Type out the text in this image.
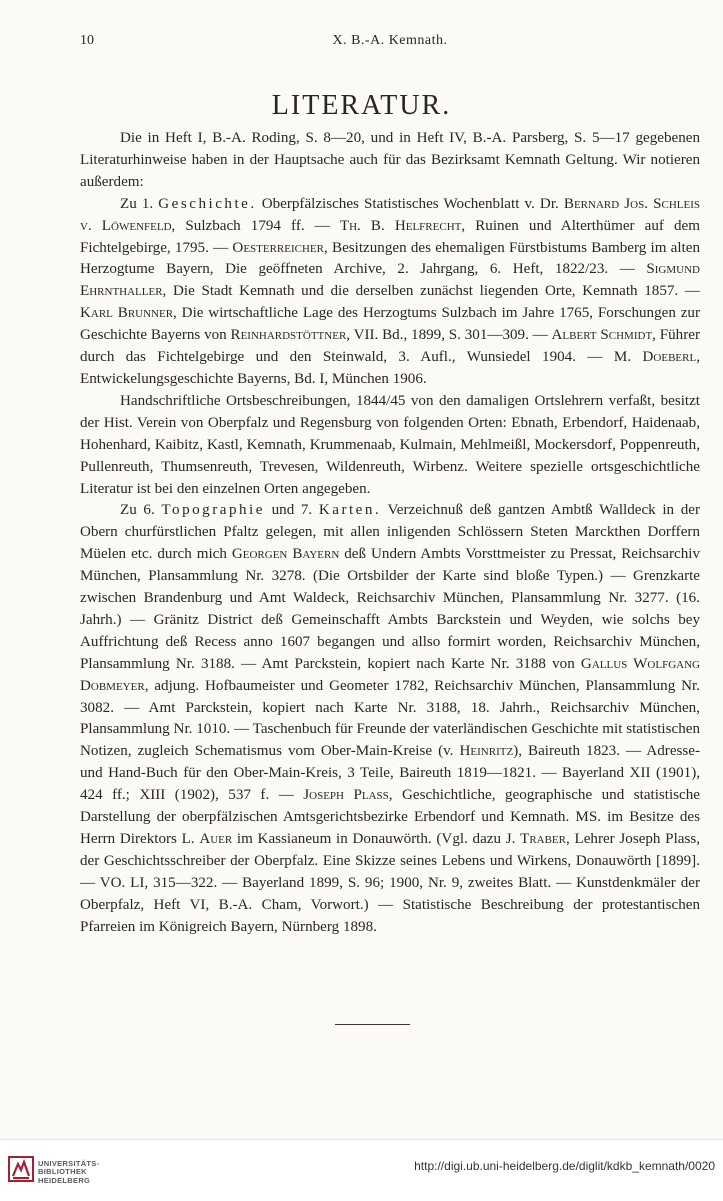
10	X. B.-A. Kemnath.
LITERATUR.

Die in Heft I, B.-A. Roding, S. 8—20, und in Heft IV, B.-A. Parsberg, S. 5—17 gegebenen Literaturhinweise haben in der Hauptsache auch für das Bezirksamt Kemnath Geltung. Wir notieren außerdem:

Zu 1. Geschichte. Oberpfälzisches Statistisches Wochenblatt v. Dr. Bernard Jos. Schleis v. Löwenfeld, Sulzbach 1794 ff. — Th. B. Helfrecht, Ruinen und Alterthümer auf dem Fichtelgebirge, 1795. — Oesterreicher, Besitzungen des ehemaligen Fürstbistums Bamberg im alten Herzogtume Bayern, Die geöffneten Archive, 2. Jahrgang, 6. Heft, 1822/23. — Sigmund Ehrnthaller, Die Stadt Kemnath und die derselben zunächst liegenden Orte, Kemnath 1857. — Karl Brunner, Die wirtschaftliche Lage des Herzogtums Sulzbach im Jahre 1765, Forschungen zur Geschichte Bayerns von Reinhardstöttner, VII. Bd., 1899, S. 301—309. — Albert Schmidt, Führer durch das Fichtelgebirge und den Steinwald, 3. Aufl., Wunsiedel 1904. — M. Doeberl, Entwickelungsgeschichte Bayerns, Bd. I, München 1906.

Handschriftliche Ortsbeschreibungen, 1844/45 von den damaligen Ortslehrern verfaßt, besitzt der Hist. Verein von Oberpfalz und Regensburg von folgenden Orten: Ebnath, Erbendorf, Haidenaab, Hohenhard, Kaibitz, Kastl, Kemnath, Krummenaab, Kulmain, Mehlmeißl, Mockersdorf, Poppenreuth, Pullenreuth, Thumsenreuth, Trevesen, Wildenreuth, Wirbenz. Weitere spezielle ortsgeschichtliche Literatur ist bei den einzelnen Orten angegeben.

Zu 6. Topographie und 7. Karten. Verzeichnuß deß gantzen Ambtß Walldeck in der Obern churfürstlichen Pfaltz gelegen, mit allen inligenden Schlössern Steten Marckthen Dorffern Müelen etc. durch mich Georgen Bayern deß Undern Ambts Vorsttmeister zu Pressat, Reichsarchiv München, Plansammlung Nr. 3278. (Die Ortsbilder der Karte sind bloße Typen.) — Grenzkarte zwischen Brandenburg und Amt Waldeck, Reichsarchiv München, Plansammlung Nr. 3277. (16. Jahrh.) — Gränitz District deß Gemeinschafft Ambts Barckstein und Weyden, wie solchs bey Auffrichtung deß Recess anno 1607 begangen und allso formirt worden, Reichsarchiv München, Plansammlung Nr. 3188. — Amt Parckstein, kopiert nach Karte Nr. 3188 von Gallus Wolfgang Dobmeyer, adjung. Hofbaumeister und Geometer 1782, Reichsarchiv München, Plansammlung Nr. 3082. — Amt Parckstein, kopiert nach Karte Nr. 3188, 18. Jahrh., Reichsarchiv München, Plansammlung Nr. 1010. — Taschenbuch für Freunde der vaterländischen Geschichte mit statistischen Notizen, zugleich Schematismus vom Ober-Main-Kreise (v. Heinritz), Baireuth 1823. — Adresse- und Hand-Buch für den Ober-Main-Kreis, 3 Teile, Baireuth 1819—1821. — Bayerland XII (1901), 424 ff.; XIII (1902), 537 f. — Joseph Plass, Geschichtliche, geographische und statistische Darstellung der oberpfälzischen Amtsgerichtsbezirke Erbendorf und Kemnath. MS. im Besitze des Herrn Direktors L. Auer im Kassianeum in Donauwörth. (Vgl. dazu J. Traber, Lehrer Joseph Plass, der Geschichtsschreiber der Oberpfalz. Eine Skizze seines Lebens und Wirkens, Donauwörth [1899]. — VO. LI, 315—322. — Bayerland 1899, S. 96; 1900, Nr. 9, zweites Blatt. — Kunstdenkmäler der Oberpfalz, Heft VI, B.-A. Cham, Vorwort.) — Statistische Beschreibung der protestantischen Pfarreien im Königreich Bayern, Nürnberg 1898.

UNIVERSITÄTS-
BIBLIOTHEK
HEIDELBERG
http://digi.ub.uni-heidelberg.de/diglit/kdkb_kemnath/0020
